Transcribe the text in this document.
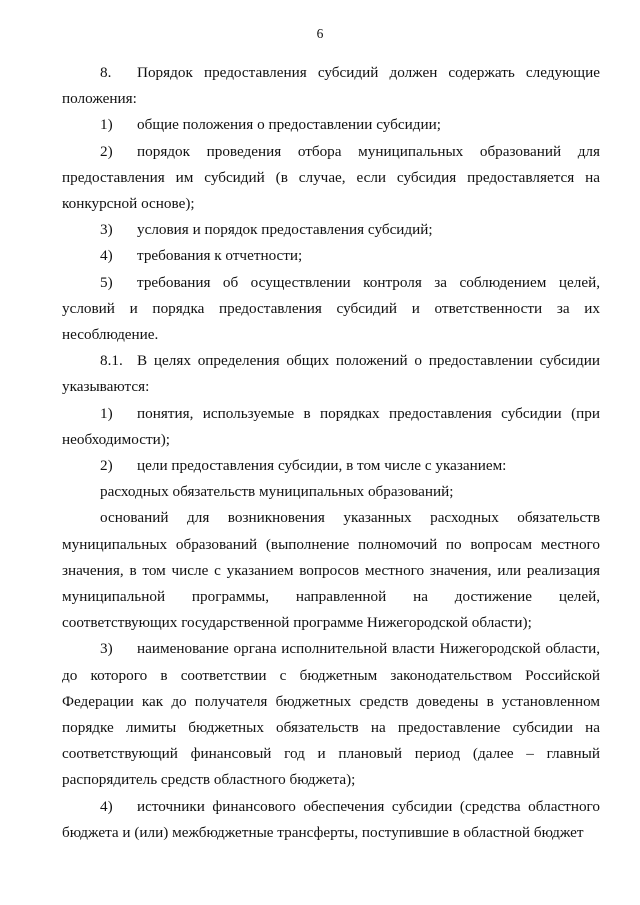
6

8. Порядок предоставления субсидий должен содержать следующие положения:

1) общие положения о предоставлении субсидии;

2) порядок проведения отбора муниципальных образований для предоставления им субсидий (в случае, если субсидия предоставляется на конкурсной основе);

3) условия и порядок предоставления субсидий;

4) требования к отчетности;

5) требования об осуществлении контроля за соблюдением целей, условий и порядка предоставления субсидий и ответственности за их несоблюдение.

8.1. В целях определения общих положений о предоставлении субсидии указываются:

1) понятия, используемые в порядках предоставления субсидии (при необходимости);

2) цели предоставления субсидии, в том числе с указанием:

расходных обязательств муниципальных образований;

оснований для возникновения указанных расходных обязательств муниципальных образований (выполнение полномочий по вопросам местного значения, в том числе с указанием вопросов местного значения, или реализация муниципальной программы, направленной на достижение целей, соответствующих государственной программе Нижегородской области);

3) наименование органа исполнительной власти Нижегородской области, до которого в соответствии с бюджетным законодательством Российской Федерации как до получателя бюджетных средств доведены в установленном порядке лимиты бюджетных обязательств на предоставление субсидии на соответствующий финансовый год и плановый период (далее – главный распорядитель средств областного бюджета);

4) источники финансового обеспечения субсидии (средства областного бюджета и (или) межбюджетные трансферты, поступившие в областной бюджет
